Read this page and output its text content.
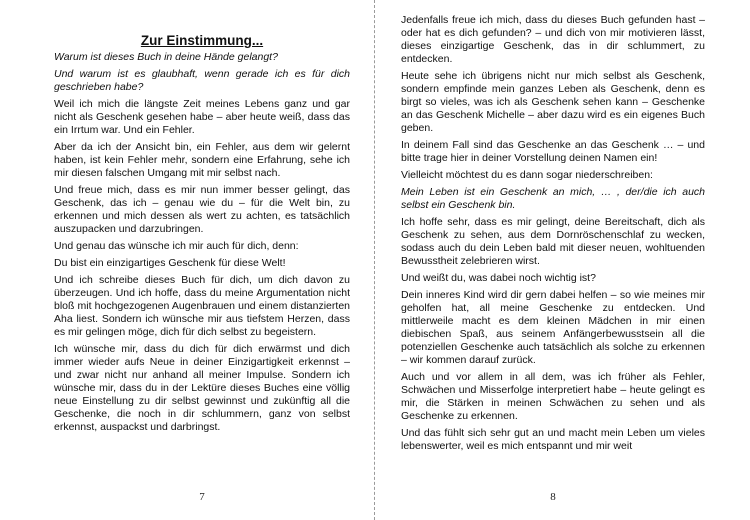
Zur Einstimmung...

Warum ist dieses Buch in deine Hände gelangt?

Und warum ist es glaubhaft, wenn gerade ich es für dich geschrieben habe?

Weil ich mich die längste Zeit meines Lebens ganz und gar nicht als Geschenk gesehen habe – aber heute weiß, dass das ein Irrtum war. Und ein Fehler.

Aber da ich der Ansicht bin, ein Fehler, aus dem wir gelernt haben, ist kein Fehler mehr, sondern eine Erfahrung, sehe ich mir diesen falschen Umgang mit mir selbst nach.

Und freue mich, dass es mir nun immer besser gelingt, das Geschenk, das ich – genau wie du – für die Welt bin, zu erkennen und mich dessen als wert zu achten, es tatsächlich auszupacken und darzubringen.

Und genau das wünsche ich mir auch für dich, denn:

Du bist ein einzigartiges Geschenk für diese Welt!

Und ich schreibe dieses Buch für dich, um dich davon zu überzeugen. Und ich hoffe, dass du meine Argumentation nicht bloß mit hochgezogenen Augenbrauen und einem distanzierten Aha liest. Sondern ich wünsche mir aus tiefstem Herzen, dass es mir gelingen möge, dich für dich selbst zu begeistern.

Ich wünsche mir, dass du dich für dich erwärmst und dich immer wieder aufs Neue in deiner Einzigartigkeit erkennst – und zwar nicht nur anhand all meiner Impulse. Sondern ich wünsche mir, dass du in der Lektüre dieses Buches eine völlig neue Einstellung zu dir selbst gewinnst und zukünftig all die Geschenke, die noch in dir schlummern, ganz von selbst erkennst, auspackst und darbringst.

7

Jedenfalls freue ich mich, dass du dieses Buch gefunden hast – oder hat es dich gefunden? – und dich von mir motivieren lässt, dieses einzigartige Geschenk, das in dir schlummert, zu entdecken.

Heute sehe ich übrigens nicht nur mich selbst als Geschenk, sondern empfinde mein ganzes Leben als Geschenk, denn es birgt so vieles, was ich als Geschenk sehen kann – Geschenke an das Geschenk Michelle – aber dazu wird es ein eigenes Buch geben.

In deinem Fall sind das Geschenke an das Geschenk … – und bitte trage hier in deiner Vorstellung deinen Namen ein!

Vielleicht möchtest du es dann sogar niederschreiben:

Mein Leben ist ein Geschenk an mich, … , der/die ich auch selbst ein Geschenk bin.

Ich hoffe sehr, dass es mir gelingt, deine Bereitschaft, dich als Geschenk zu sehen, aus dem Dornröschenschlaf zu wecken, sodass auch du dein Leben bald mit dieser neuen, wohltuenden Bewusstheit zelebrieren wirst.

Und weißt du, was dabei noch wichtig ist?

Dein inneres Kind wird dir gern dabei helfen – so wie meines mir geholfen hat, all meine Geschenke zu entdecken. Und mittlerweile macht es dem kleinen Mädchen in mir einen diebischen Spaß, aus seinem Anfängerbewusstsein all die potenziellen Geschenke auch tatsächlich als solche zu erkennen – wir kommen darauf zurück.

Auch und vor allem in all dem, was ich früher als Fehler, Schwächen und Misserfolge interpretiert habe – heute gelingt es mir, die Stärken in meinen Schwächen zu sehen und als Geschenke zu erkennen.

Und das fühlt sich sehr gut an und macht mein Leben um vieles lebenswerter, weil es mich entspannt und mir weit

8
